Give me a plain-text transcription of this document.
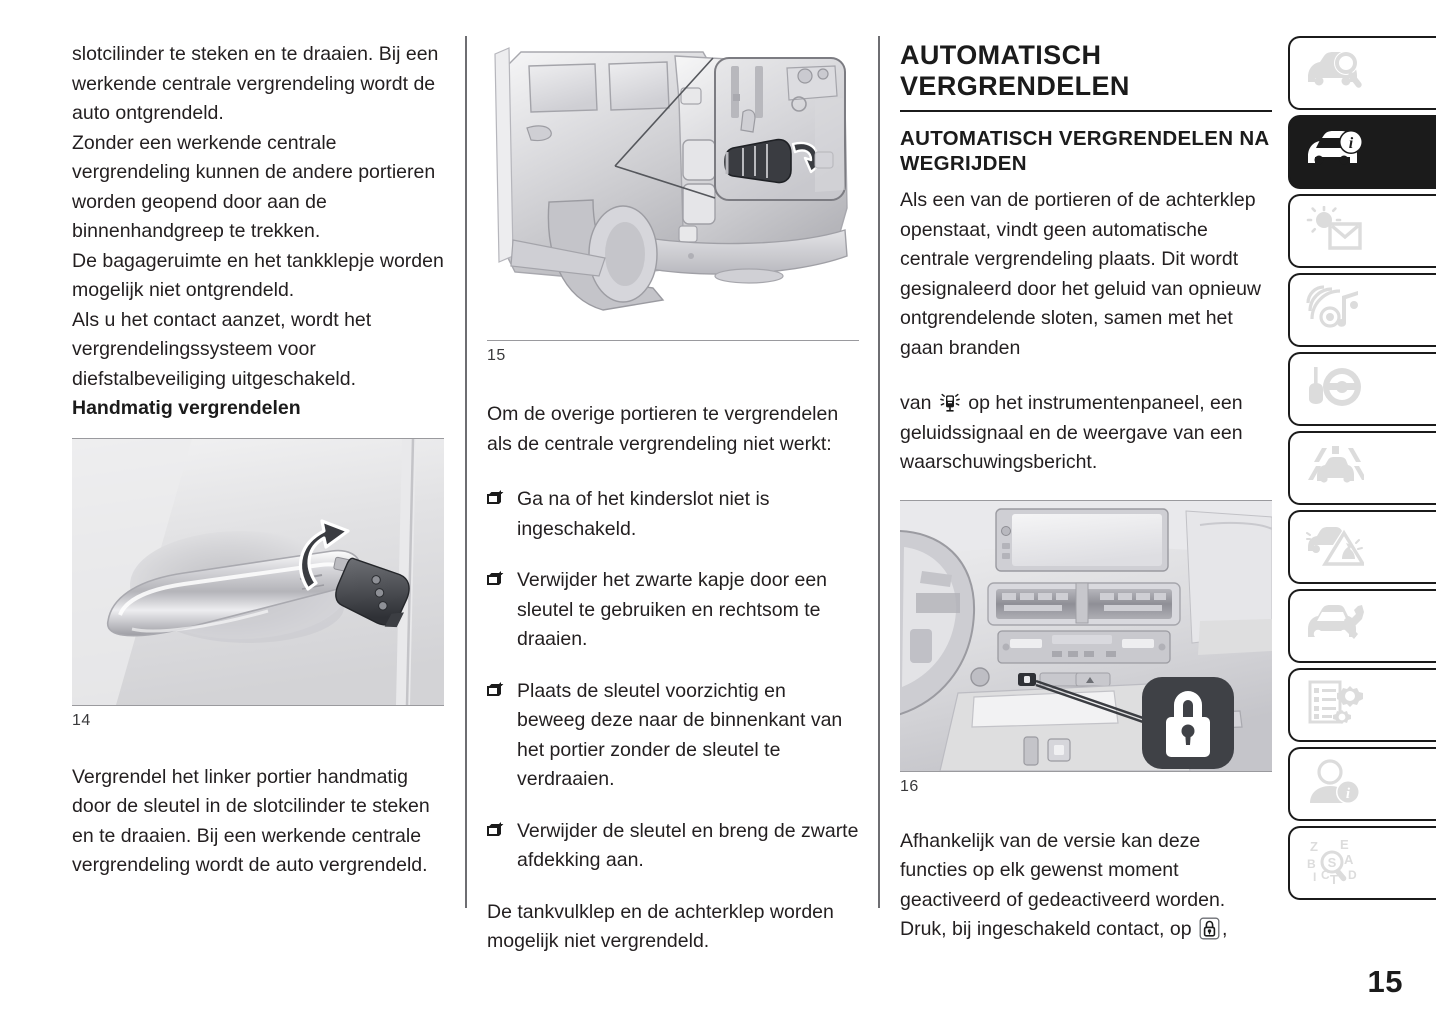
slotcilinder te steken en te draaien. Bij een werkende centrale vergrendeling wordt de auto ontgrendeld.

Zonder een werkende centrale vergrendeling kunnen de andere portieren worden geopend door aan de binnenhandgreep te trekken.

De bagageruimte en het tankklepje worden mogelijk niet ontgrendeld.

Als u het contact aanzet, wordt het vergrendelingssysteem voor diefstalbeveiliging uitgeschakeld.

Handmatig vergrendelen

14

Vergrendel het linker portier handmatig door de sleutel in de slotcilinder te steken en te draaien. Bij een werkende centrale vergrendeling wordt de auto vergrendeld.

15

Om de overige portieren te vergrendelen als de centrale vergrendeling niet werkt:

Ga na of het kinderslot niet is ingeschakeld.
Verwijder het zwarte kapje door een sleutel te gebruiken en rechtsom te draaien.
Plaats de sleutel voorzichtig en beweeg deze naar de binnenkant van het portier zonder de sleutel te verdraaien.
Verwijder de sleutel en breng de zwarte afdekking aan.

De tankvulklep en de achterklep worden mogelijk niet vergrendeld.

AUTOMATISCH VERGRENDELEN
AUTOMATISCH VERGRENDELEN NA WEGRIJDEN

Als een van de portieren of de achterklep openstaat, vindt geen automatische centrale vergrendeling plaats. Dit wordt gesignaleerd door het geluid van opnieuw ontgrendelende sloten, samen met het gaan branden

van op het instrumentenpaneel, een geluidssignaal en de weergave van een waarschuwingsbericht.

16

Afhankelijk van de versie kan deze functies op elk gewenst moment geactiveerd of gedeactiveerd worden.

Druk, bij ingeschakeld contact, op ,

i
i
Z
B
I C T
E
A
D
S
15
